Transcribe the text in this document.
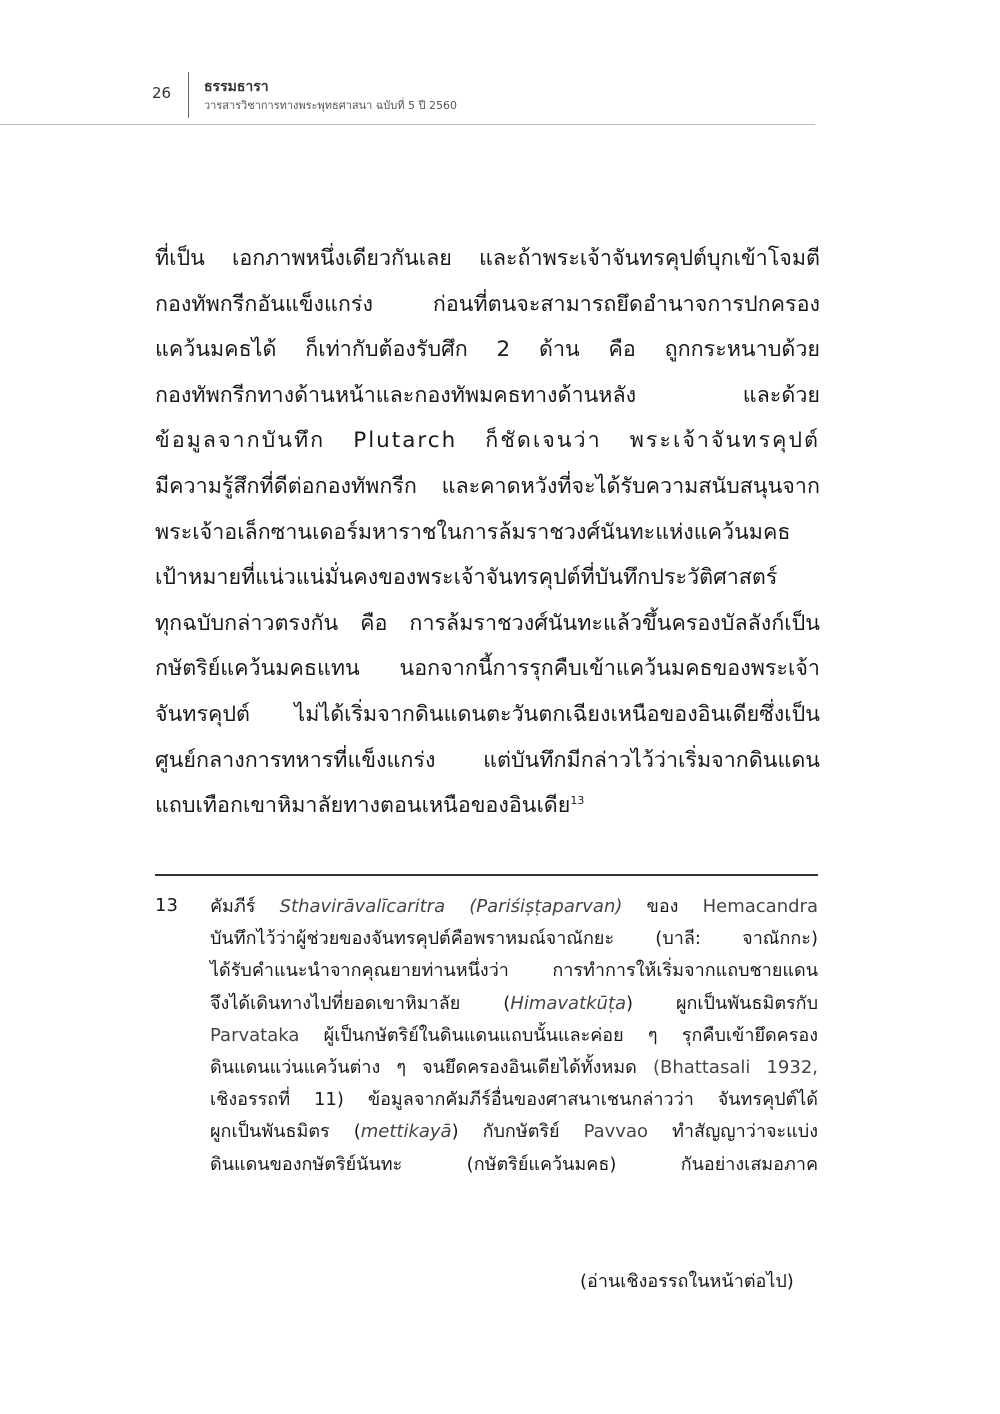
26 ธรรมธารา
วารสารวิชาการทางพระพุทธศาสนา ฉบับที่ 5 ปี 2560
ที่เป็น เอกภาพหนึ่งเดียวกันเลย และถ้าพระเจ้าจันทรคุปต์บุกเข้าโจมตี
กองทัพกรีกอันแข็งแกร่ง ก่อนที่ตนจะสามารถยึดอำนาจการปกครอง
แคว้นมคธได้ ก็เท่ากับต้องรับศึก 2 ด้าน คือ ถูกกระหนาบด้วย
กองทัพกรีกทางด้านหน้าและกองทัพมคธทางด้านหลัง และด้วย
ข้อมูลจากบันทึก Plutarch ก็ชัดเจนว่า พระเจ้าจันทรคุปต์
มีความรู้สึกที่ดีต่อกองทัพกรีก และคาดหวังที่จะได้รับความสนับสนุนจาก
พระเจ้าอเล็กซานเดอร์มหาราชในการล้มราชวงศ์นันทะแห่งแคว้นมคธ
เป้าหมายที่แน่วแน่มั่นคงของพระเจ้าจันทรคุปต์ที่บันทึกประวัติศาสตร์
ทุกฉบับกล่าวตรงกัน คือ การล้มราชวงศ์นันทะแล้วขึ้นครองบัลลังก์เป็น
กษัตริย์แคว้นมคธแทน นอกจากนี้การรุกคืบเข้าแคว้นมคธของพระเจ้า
จันทรคุปต์ ไม่ได้เริ่มจากดินแดนตะวันตกเฉียงเหนือของอินเดียซึ่งเป็น
ศูนย์กลางการทหารที่แข็งแกร่ง แต่บันทึกมีกล่าวไว้ว่าเริ่มจากดินแดน
แถบเทือกเขาหิมาลัยทางตอนเหนือของอินเดีย$^{13}$
13 คัมภีร์ Sthavirāvalīcaritra (Pariśiṣṭaparvan) ของ Hemacandra
บันทึกไว้ว่าผู้ช่วยของจันทรคุปต์คือพราหมณ์จาณักยะ (บาลี: จาณักกะ)
ได้รับคำแนะนำจากคุณยายท่านหนึ่งว่า การทำการให้เริ่มจากแถบชายแดน
จึงได้เดินทางไปที่ยอดเขาหิมาลัย (Himavatkūṭa) ผูกเป็นพันธมิตรกับ
Parvataka ผู้เป็นกษัตริย์ในดินแดนแถบนั้นและค่อย ๆ รุกคืบเข้ายึดครอง
ดินแดนแว่นแคว้นต่าง ๆ จนยึดครองอินเดียได้ทั้งหมด (Bhattasali 1932,
เชิงอรรถที่ 11) ข้อมูลจากคัมภีร์อื่นของศาสนาเชนกล่าวว่า จันทรคุปต์ได้
ผูกเป็นพันธมิตร (mettikayā) กับกษัตริย์ Pavvao ทำสัญญาว่าจะแบ่ง
ดินแดนของกษัตริย์นันทะ (กษัตริย์แคว้นมคธ) กันอย่างเสมอภาค
(อ่านเชิงอรรถในหน้าต่อไป)
